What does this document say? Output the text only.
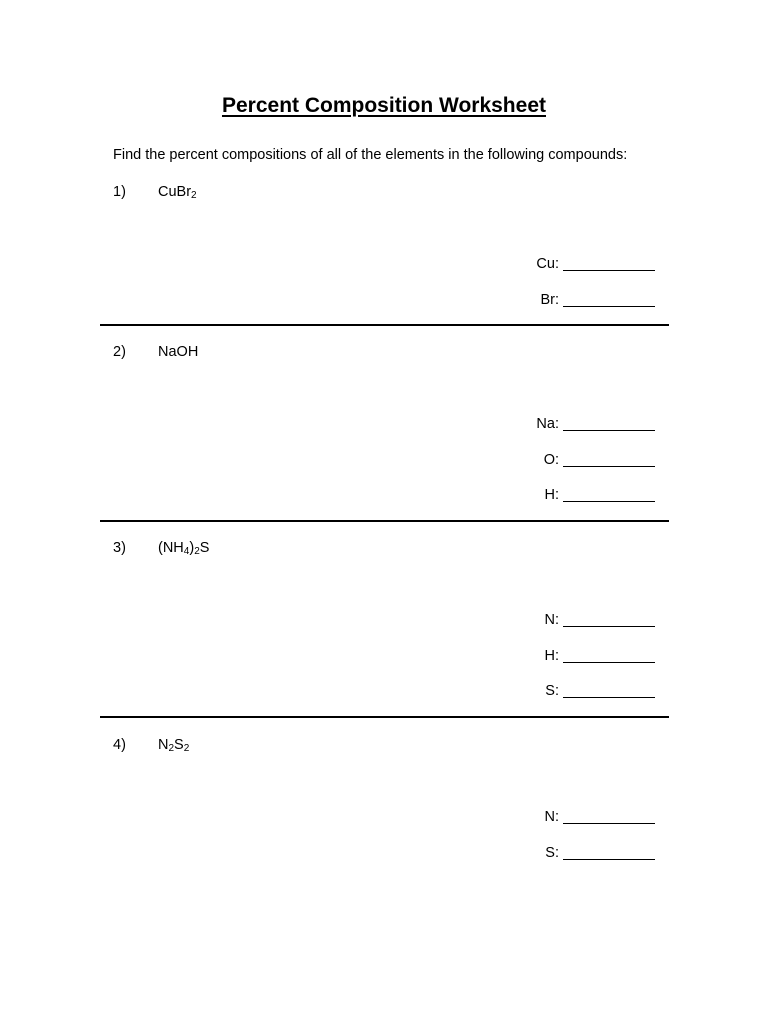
Percent Composition Worksheet
Find the percent compositions of all of the elements in the following compounds:
1) CuBr$_2$
Cu:
Br:
2) NaOH
Na:
O:
H:
3) $(NH_4)_2S$
N:
H:
S:
4) $N_2S_2$
N:
S:
